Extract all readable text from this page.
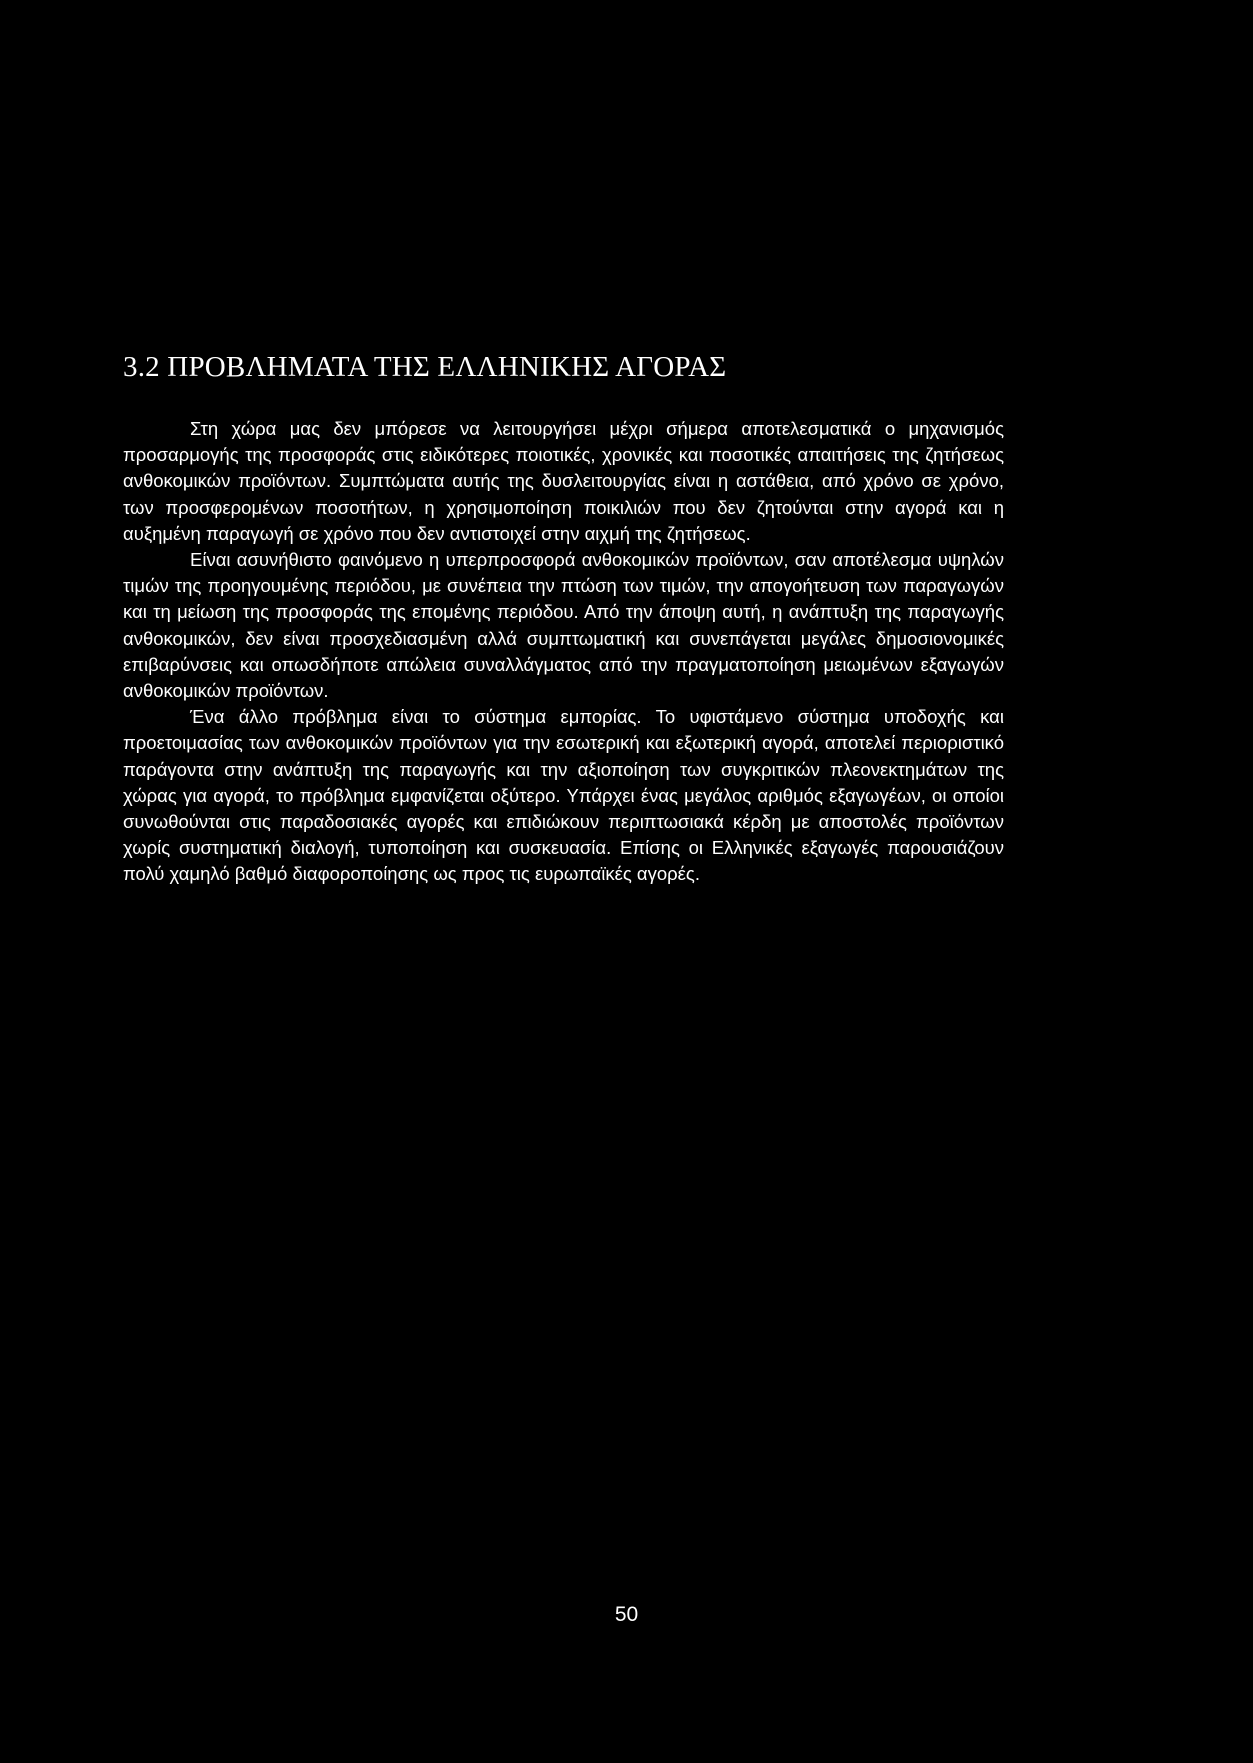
3.2 ΠΡΟΒΛΗΜΑΤΑ ΤΗΣ ΕΛΛΗΝΙΚΗΣ ΑΓΟΡΑΣ

Στη χώρα μας δεν μπόρεσε να λειτουργήσει μέχρι σήμερα αποτελεσματικά ο μηχανισμός προσαρμογής της προσφοράς στις ειδικότερες ποιοτικές, χρονικές και ποσοτικές απαιτήσεις της ζητήσεως ανθοκομικών προϊόντων. Συμπτώματα αυτής της δυσλειτουργίας είναι η αστάθεια, από χρόνο σε χρόνο, των προσφερομένων ποσοτήτων, η χρησιμοποίηση ποικιλιών που δεν ζητούνται στην αγορά και η αυξημένη παραγωγή σε χρόνο που δεν αντιστοιχεί στην αιχμή της ζητήσεως.

Είναι ασυνήθιστο φαινόμενο η υπερπροσφορά ανθοκομικών προϊόντων, σαν αποτέλεσμα υψηλών τιμών της προηγουμένης περιόδου, με συνέπεια την πτώση των τιμών, την απογοήτευση των παραγωγών και τη μείωση της προσφοράς της επομένης περιόδου. Από την άποψη αυτή, η ανάπτυξη της παραγωγής ανθοκομικών, δεν είναι προσχεδιασμένη αλλά συμπτωματική και συνεπάγεται μεγάλες δημοσιονομικές επιβαρύνσεις και οπωσδήποτε απώλεια συναλλάγματος από την πραγματοποίηση μειωμένων εξαγωγών ανθοκομικών προϊόντων.

Ένα άλλο πρόβλημα είναι το σύστημα εμπορίας. Το υφιστάμενο σύστημα υποδοχής και προετοιμασίας των ανθοκομικών προϊόντων για την εσωτερική και εξωτερική αγορά, αποτελεί περιοριστικό παράγοντα στην ανάπτυξη της παραγωγής και την αξιοποίηση των συγκριτικών πλεονεκτημάτων της χώρας για αγορά, το πρόβλημα εμφανίζεται οξύτερο. Υπάρχει ένας μεγάλος αριθμός εξαγωγέων, οι οποίοι συνωθούνται στις παραδοσιακές αγορές και επιδιώκουν περιπτωσιακά κέρδη με αποστολές προϊόντων χωρίς συστηματική διαλογή, τυποποίηση και συσκευασία. Επίσης οι Ελληνικές εξαγωγές παρουσιάζουν πολύ χαμηλό βαθμό διαφοροποίησης ως προς τις ευρωπαϊκές αγορές.

50
